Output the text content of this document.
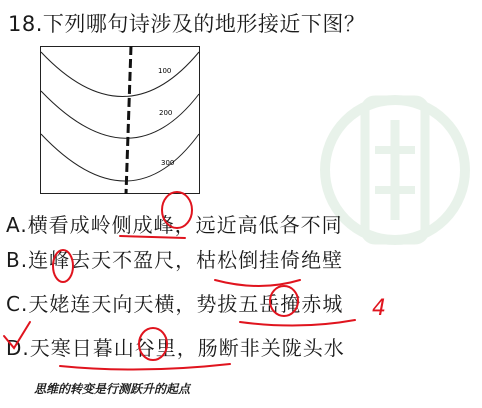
18.下列哪句诗涉及的地形接近下图？
100
200
300
A.横看成岭侧成峰，远近高低各不同
B.连峰去天不盈尺，枯松倒挂倚绝壁
C.天姥连天向天横，势拔五岳掩赤城
D.天寒日暮山谷里，肠断非关陇头水
4
思维的转变是行测跃升的起点
